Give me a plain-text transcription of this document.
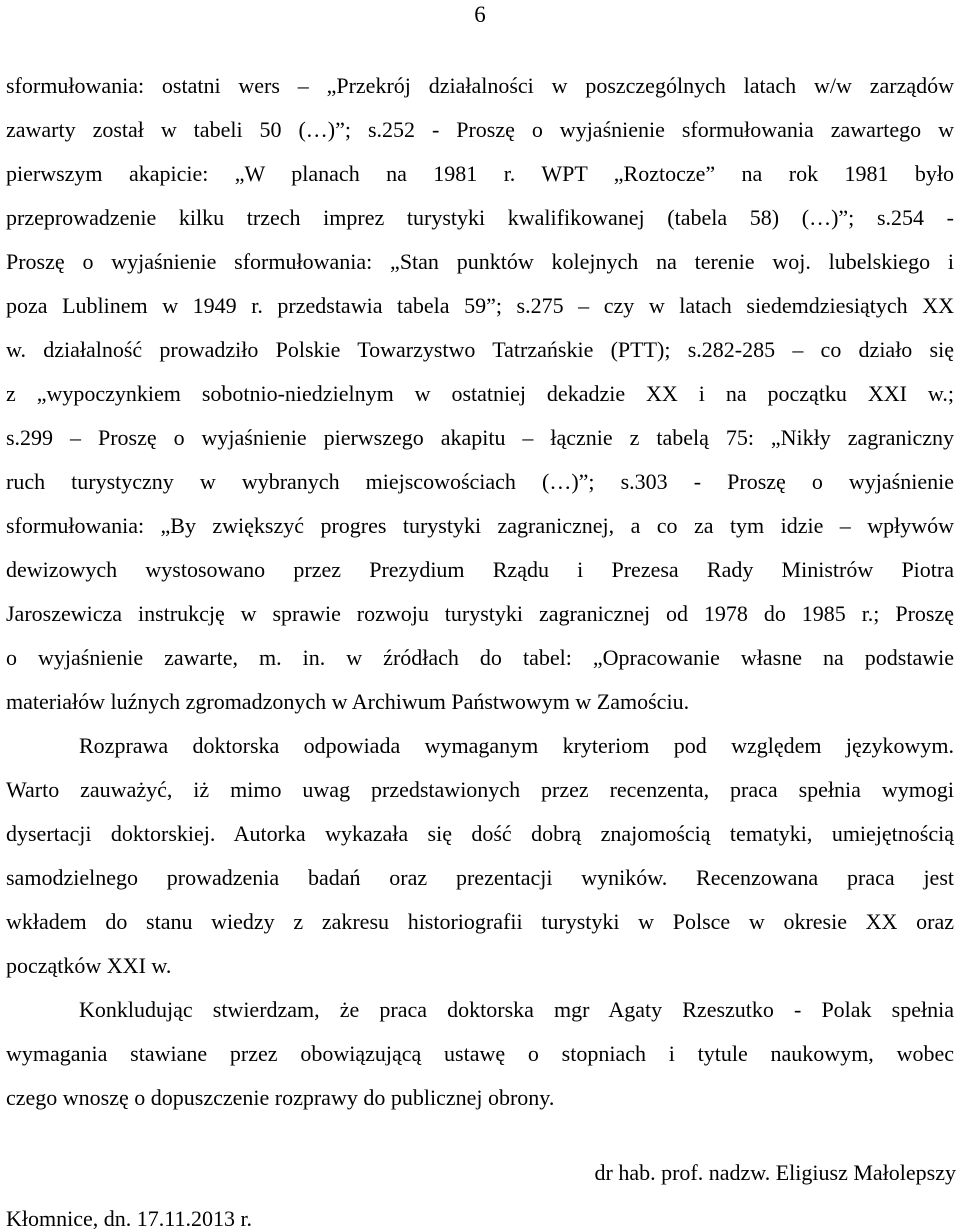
6
sformułowania: ostatni wers – „Przekrój działalności w poszczególnych latach w/w zarządów
zawarty został w tabeli 50 (…)”; s.252 - Proszę o wyjaśnienie sformułowania zawartego w
pierwszym akapicie: „W planach na 1981 r. WPT „Roztocze” na rok 1981 było
przeprowadzenie kilku trzech imprez turystyki kwalifikowanej (tabela 58) (…)”; s.254 -
Proszę o wyjaśnienie sformułowania: „Stan punktów kolejnych na terenie woj. lubelskiego i
poza Lublinem w 1949 r. przedstawia tabela 59”; s.275 – czy w latach siedemdziesiątych XX
w. działalność prowadziło Polskie Towarzystwo Tatrzańskie (PTT); s.282-285 – co działo się
z „wypoczynkiem sobotnio-niedzielnym w ostatniej dekadzie XX i na początku XXI w.;
s.299 – Proszę o wyjaśnienie pierwszego akapitu – łącznie z tabelą 75: „Nikły zagraniczny
ruch turystyczny w wybranych miejscowościach (…)”; s.303 - Proszę o wyjaśnienie
sformułowania: „By zwiększyć progres turystyki zagranicznej, a co za tym idzie – wpływów
dewizowych wystosowano przez Prezydium Rządu i Prezesa Rady Ministrów Piotra
Jaroszewicza instrukcję w sprawie rozwoju turystyki zagranicznej od 1978 do 1985 r.; Proszę
o wyjaśnienie zawarte, m. in. w źródłach do tabel: „Opracowanie własne na podstawie
materiałów luźnych zgromadzonych w Archiwum Państwowym w Zamościu.
Rozprawa doktorska odpowiada wymaganym kryteriom pod względem językowym.
Warto zauważyć, iż mimo uwag przedstawionych przez recenzenta, praca spełnia wymogi
dysertacji doktorskiej. Autorka wykazała się dość dobrą znajomością tematyki, umiejętnością
samodzielnego prowadzenia badań oraz prezentacji wyników. Recenzowana praca jest
wkładem do stanu wiedzy z zakresu historiografii turystyki w Polsce w okresie XX oraz
początków XXI w.
Konkludując stwierdzam, że praca doktorska mgr Agaty Rzeszutko - Polak spełnia
wymagania stawiane przez obowiązującą ustawę o stopniach i tytule naukowym, wobec
czego wnoszę o dopuszczenie rozprawy do publicznej obrony.
dr hab. prof. nadzw. Eligiusz Małolepszy
Kłomnice, dn. 17.11.2013 r.
